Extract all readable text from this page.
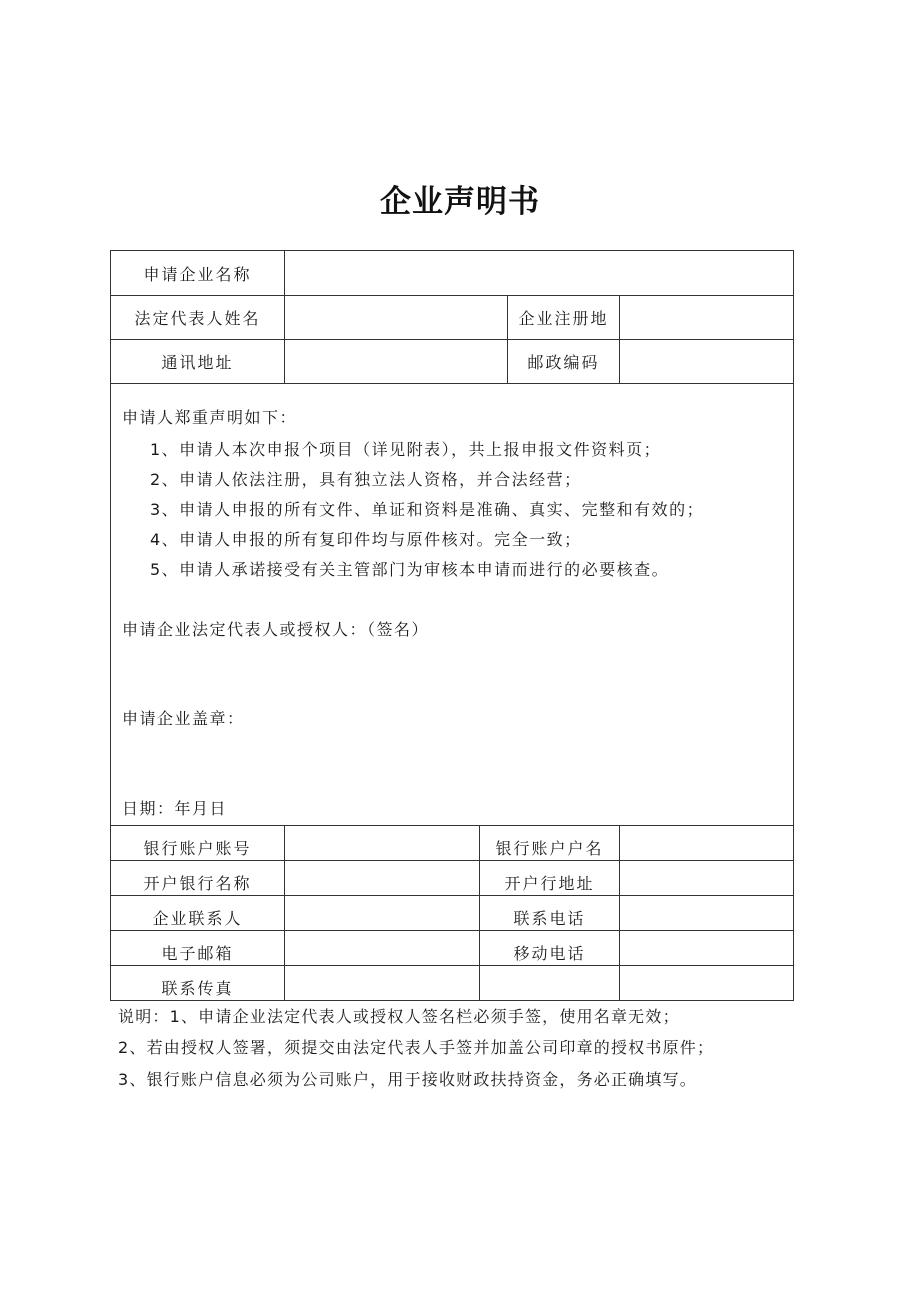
企业声明书
申请企业名称
法定代表人姓名	企业注册地
通讯地址	邮政编码
申请人郑重声明如下：
1、申请人本次申报个项目（详见附表），共上报申报文件资料页；
2、申请人依法注册，具有独立法人资格，并合法经营；
3、申请人申报的所有文件、单证和资料是准确、真实、完整和有效的；
4、申请人申报的所有复印件均与原件核对。完全一致；
5、申请人承诺接受有关主管部门为审核本申请而进行的必要核查。
申请企业法定代表人或授权人：（签名）
申请企业盖章：
日期：年月日
银行账户账号	银行账户户名
开户银行名称	开户行地址
企业联系人	联系电话
电子邮箱	移动电话
联系传真
说明：1、申请企业法定代表人或授权人签名栏必须手签，使用名章无效；
2、若由授权人签署，须提交由法定代表人手签并加盖公司印章的授权书原件；
3、银行账户信息必须为公司账户，用于接收财政扶持资金，务必正确填写。
